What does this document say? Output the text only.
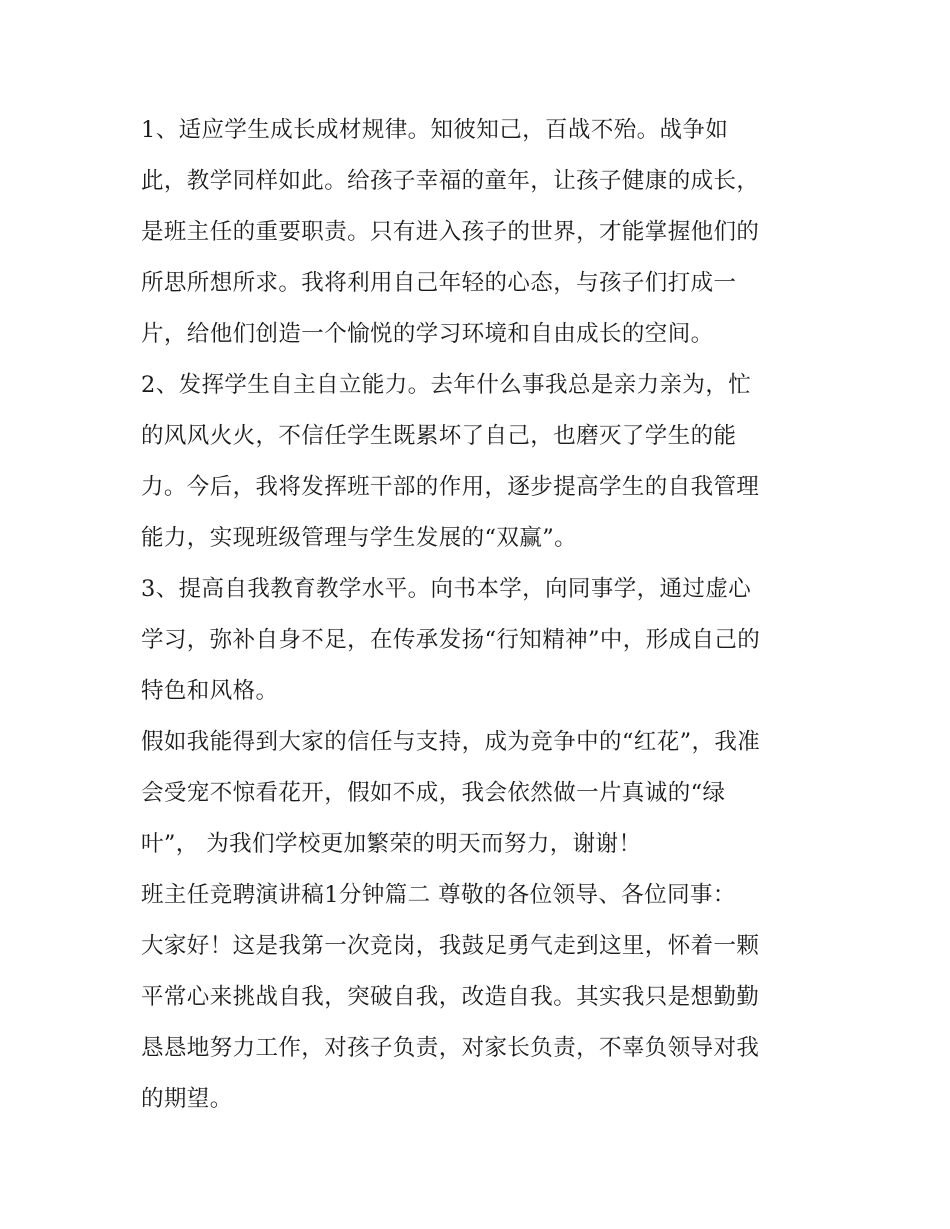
1、适应学生成长成材规律。知彼知己，百战不殆。战争如
此，教学同样如此。给孩子幸福的童年，让孩子健康的成长，
是班主任的重要职责。只有进入孩子的世界，才能掌握他们的
所思所想所求。我将利用自己年轻的心态，与孩子们打成一
片，给他们创造一个愉悦的学习环境和自由成长的空间。
2、发挥学生自主自立能力。去年什么事我总是亲力亲为，忙
的风风火火，不信任学生既累坏了自己，也磨灭了学生的能
力。今后，我将发挥班干部的作用，逐步提高学生的自我管理
能力，实现班级管理与学生发展的“双赢”。
3、提高自我教育教学水平。向书本学，向同事学，通过虚心
学习，弥补自身不足，在传承发扬“行知精神”中，形成自己的
特色和风格。
假如我能得到大家的信任与支持，成为竞争中的“红花”，我准
会受宠不惊看花开，假如不成，我会依然做一片真诚的“绿
叶”， 为我们学校更加繁荣的明天而努力，谢谢！
班主任竞聘演讲稿1分钟篇二 尊敬的各位领导、各位同事：
大家好！这是我第一次竞岗，我鼓足勇气走到这里，怀着一颗
平常心来挑战自我，突破自我，改造自我。其实我只是想勤勤
恳恳地努力工作，对孩子负责，对家长负责，不辜负领导对我
的期望。
